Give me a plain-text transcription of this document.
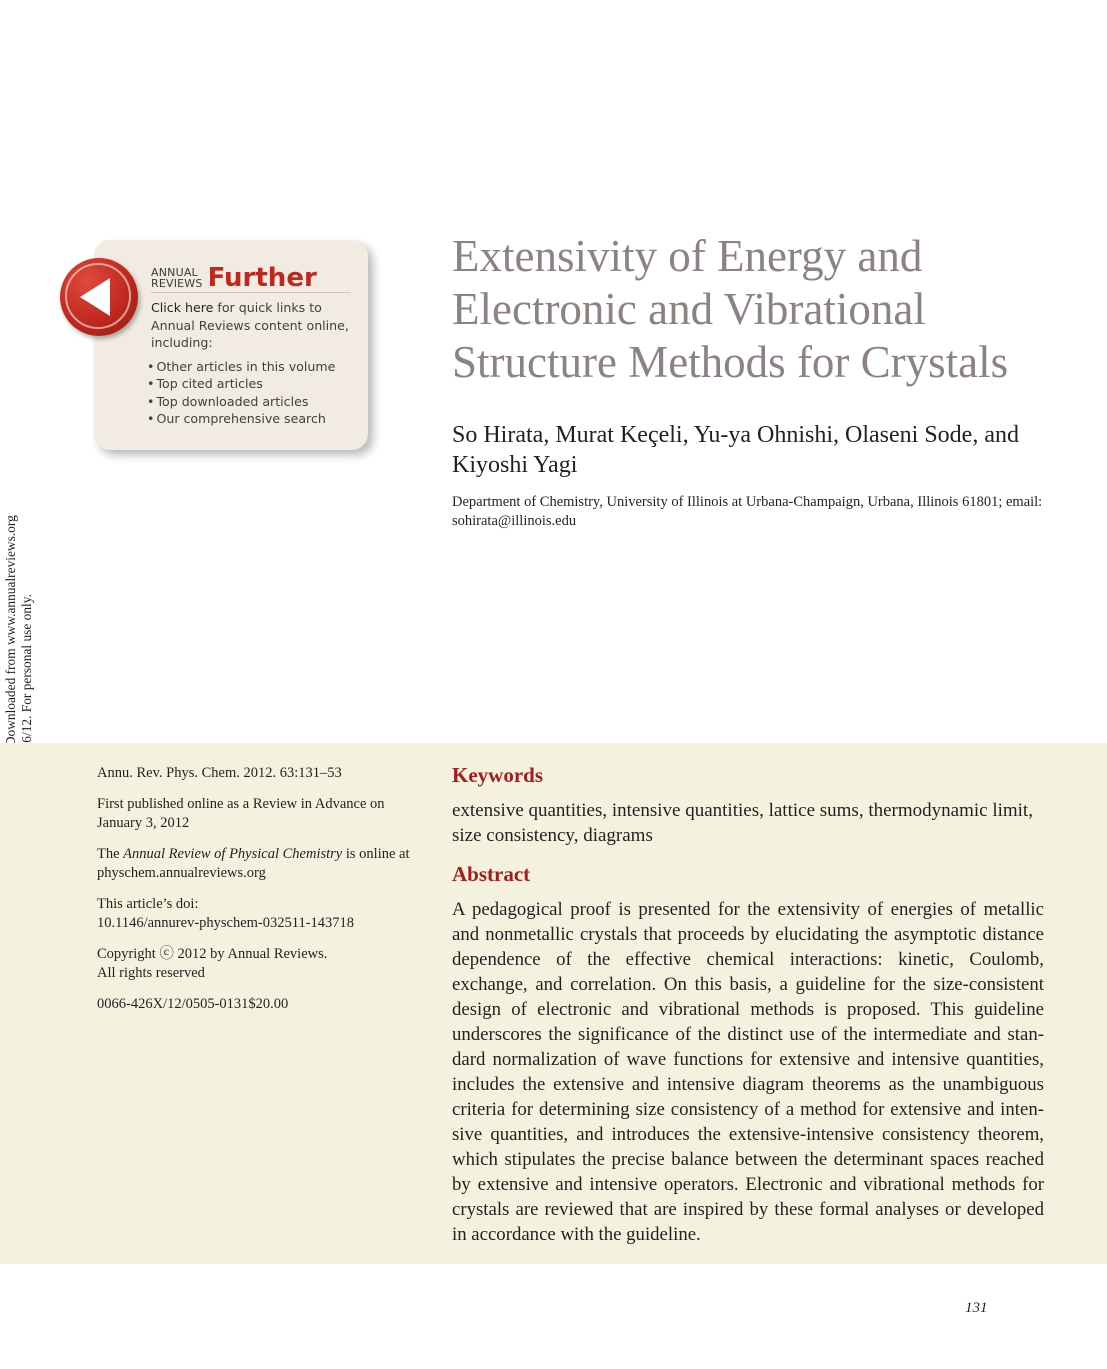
ANNUAL
REVIEWS Further
Click here for quick links to Annual Reviews content online, including:
• Other articles in this volume
• Top cited articles
• Top downloaded articles
• Our comprehensive search
Extensivity of Energy and Electronic and Vibrational Structure Methods for Crystals
So Hirata, Murat Keçeli, Yu-ya Ohnishi, Olaseni Sode, and Kiyoshi Yagi
Department of Chemistry, University of Illinois at Urbana-Champaign, Urbana, Illinois 61801; email: sohirata@illinois.edu

Annu. Rev. Phys. Chem. 2012. 63:131–53

First published online as a Review in Advance on January 3, 2012

The Annual Review of Physical Chemistry is online at physchem.annualreviews.org

This article’s doi:
10.1146/annurev-physchem-032511-143718

Copyright ⓒ 2012 by Annual Reviews.
All rights reserved

0066-426X/12/0505-0131$20.00

Keywords
extensive quantities, intensive quantities, lattice sums, thermodynamic limit, size consistency, diagrams
Abstract
A pedagogical proof is presented for the extensivity of energies of metallic and nonmetallic crystals that proceeds by elucidating the asymptotic distance dependence of the effective chemical interactions: kinetic, Coulomb, exchange, and correlation. On this basis, a guideline for the size-consistent design of electronic and vibrational methods is proposed. This guideline underscores the significance of the distinct use of the intermediate and standard normalization of wave functions for extensive and intensive quantities, includes the extensive and intensive diagram theorems as the unambiguous criteria for determining size consistency of a method for extensive and intensive quantities, and introduces the extensive-intensive consistency theorem, which stipulates the precise balance between the determinant spaces reached by extensive and intensive operators. Electronic and vibrational methods for crystals are reviewed that are inspired by these formal analyses or developed in accordance with the guideline.
131
